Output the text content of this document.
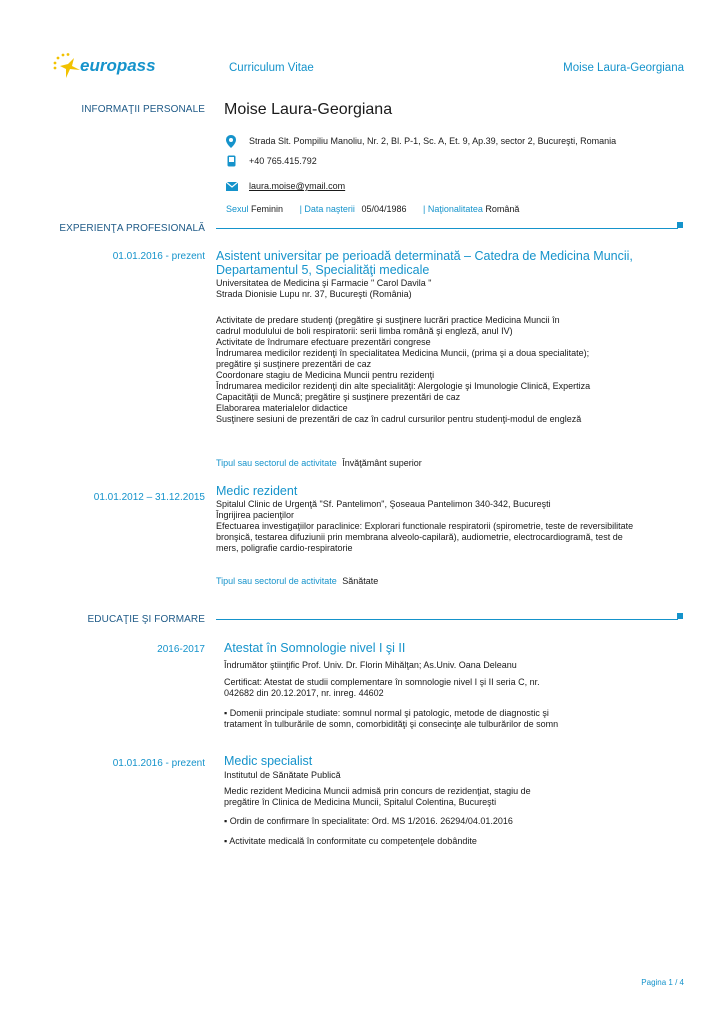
europass	Curriculum Vitae	Moise Laura-Georgiana
INFORMAŢII PERSONALE Moise Laura-Georgiana
Strada Slt. Pompiliu Manoliu, Nr. 2, Bl. P-1, Sc. A, Et. 9, Ap.39, sector 2, Bucureşti, Romania
+40 765.415.792
laura.moise@ymail.com
Sexul Feminin | Data naşterii 05/04/1986 | Naţionalitatea Română
EXPERIENŢA PROFESIONALĂ
01.01.2016 - prezent Asistent universitar pe perioadă determinată – Catedra de Medicina Muncii,
Departamentul 5, Specialităţi medicale
Universitatea de Medicina şi Farmacie " Carol Davila "
Strada Dionisie Lupu nr. 37, Bucureşti (România)
Activitate de predare studenţi (pregătire şi susţinere lucrări practice Medicina Muncii în
cadrul modulului de boli respiratorii: serii limba română şi engleză, anul IV)
Activitate de îndrumare efectuare prezentări congrese
Îndrumarea medicilor rezidenţi în specialitatea Medicina Muncii, (prima şi a doua specialitate);
pregătire şi susţinere prezentări de caz
Coordonare stagiu de Medicina Muncii pentru rezidenţi
Îndrumarea medicilor rezidenţi din alte specialităţi: Alergologie şi Imunologie Clinică, Expertiza
Capacităţii de Muncă; pregătire şi susţinere prezentări de caz
Elaborarea materialelor didactice
Susţinere sesiuni de prezentări de caz în cadrul cursurilor pentru studenţi-modul de engleză
Tipul sau sectorul de activitate Învăţământ superior
01.01.2012 – 31.12.2015 Medic rezident
Spitalul Clinic de Urgenţă "Sf. Pantelimon", Şoseaua Pantelimon 340-342, Bucureşti
Îngrijirea pacienţilor
Efectuarea investigaţiilor paraclinice: Explorari functionale respiratorii (spirometrie, teste de reversibilitate
bronşică, testarea difuziunii prin membrana alveolo-capilară), audiometrie, electrocardiogramă, test de
mers, poligrafie cardio-respiratorie
Tipul sau sectorul de activitate Sănătate
EDUCAŢIE ŞI FORMARE
2016-2017 Atestat în Somnologie nivel I şi II
Îndrumător ştiinţific Prof. Univ. Dr. Florin Mihălţan; As.Univ. Oana Deleanu
Certificat: Atestat de studii complementare în somnologie nivel I şi II seria C, nr.
042682 din 20.12.2017, nr. inreg. 44602
▪ Domenii principale studiate: somnul normal şi patologic, metode de diagnostic şi
tratament în tulburările de somn, comorbidităţi şi consecinţe ale tulburărilor de somn
01.01.2016 - prezent Medic specialist
Institutul de Sănătate Publică
Medic rezident Medicina Muncii admisă prin concurs de rezidenţiat, stagiu de
pregătire în Clinica de Medicina Muncii, Spitalul Colentina, Bucureşti
▪ Ordin de confirmare în specialitate: Ord. MS 1/2016. 26294/04.01.2016
▪ Activitate medicală în conformitate cu competenţele dobândite
Pagina 1 / 4
